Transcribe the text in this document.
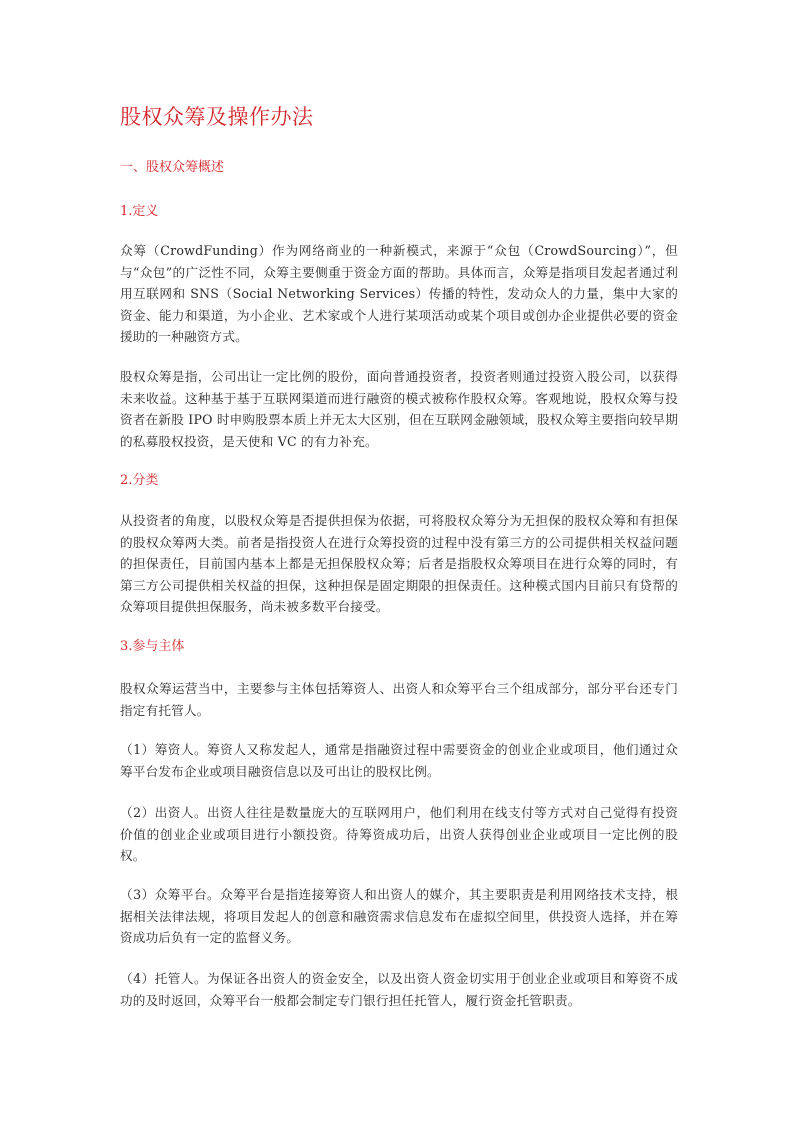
股权众筹及操作办法
一、股权众筹概述
1.定义
众筹（CrowdFunding）作为网络商业的一种新模式，来源于“众包（CrowdSourcing）”，但与“众包”的广泛性不同，众筹主要侧重于资金方面的帮助。具体而言，众筹是指项目发起者通过利用互联网和 SNS（Social Networking Services）传播的特性，发动众人的力量，集中大家的资金、能力和渠道，为小企业、艺术家或个人进行某项活动或某个项目或创办企业提供必要的资金援助的一种融资方式。
股权众筹是指，公司出让一定比例的股份，面向普通投资者，投资者则通过投资入股公司，以获得未来收益。这种基于基于互联网渠道而进行融资的模式被称作股权众筹。客观地说，股权众筹与投资者在新股 IPO 时申购股票本质上并无太大区别，但在互联网金融领域，股权众筹主要指向较早期的私募股权投资，是天使和 VC 的有力补充。
2.分类
从投资者的角度，以股权众筹是否提供担保为依据，可将股权众筹分为无担保的股权众筹和有担保的股权众筹两大类。前者是指投资人在进行众筹投资的过程中没有第三方的公司提供相关权益问题的担保责任，目前国内基本上都是无担保股权众筹；后者是指股权众筹项目在进行众筹的同时，有第三方公司提供相关权益的担保，这种担保是固定期限的担保责任。这种模式国内目前只有贷帮的众筹项目提供担保服务，尚未被多数平台接受。
3.参与主体
股权众筹运营当中，主要参与主体包括筹资人、出资人和众筹平台三个组成部分，部分平台还专门指定有托管人。
（1）筹资人。筹资人又称发起人，通常是指融资过程中需要资金的创业企业或项目，他们通过众筹平台发布企业或项目融资信息以及可出让的股权比例。
（2）出资人。出资人往往是数量庞大的互联网用户，他们利用在线支付等方式对自己觉得有投资价值的创业企业或项目进行小额投资。待筹资成功后，出资人获得创业企业或项目一定比例的股权。
（3）众筹平台。众筹平台是指连接筹资人和出资人的媒介，其主要职责是利用网络技术支持，根据相关法律法规，将项目发起人的创意和融资需求信息发布在虚拟空间里，供投资人选择，并在筹资成功后负有一定的监督义务。
（4）托管人。为保证各出资人的资金安全，以及出资人资金切实用于创业企业或项目和筹资不成功的及时返回，众筹平台一般都会制定专门银行担任托管人，履行资金托管职责。
